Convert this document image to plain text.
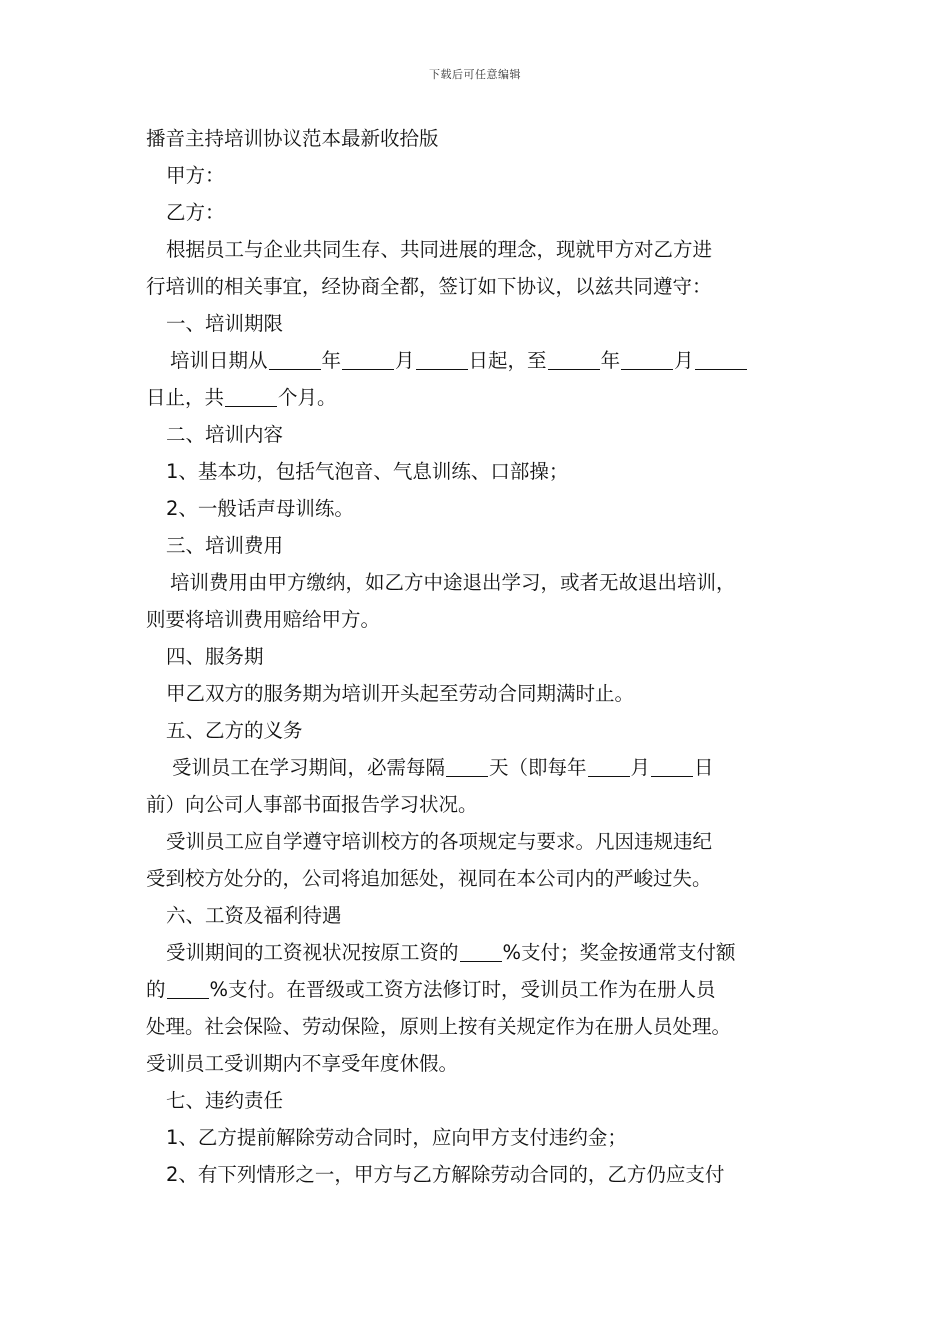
下载后可任意编辑
播音主持培训协议范本最新收拾版
甲方：
乙方：
根据员工与企业共同生存、共同进展的理念，现就甲方对乙方进
行培训的相关事宜，经协商全都，签订如下协议，以兹共同遵守：
一、培训期限
培训日期从	年	月	日起，至	年	月
日止，共	个月。
二、培训内容
1、基本功，包括气泡音、气息训练、口部操；
2、一般话声母训练。
三、培训费用
培训费用由甲方缴纳，如乙方中途退出学习，或者无故退出培训，
则要将培训费用赔给甲方。
四、服务期
甲乙双方的服务期为培训开头起至劳动合同期满时止。
五、乙方的义务
受训员工在学习期间，必需每隔 天（即每年 月 日
前）向公司人事部书面报告学习状况。
受训员工应自学遵守培训校方的各项规定与要求。凡因违规违纪
受到校方处分的，公司将追加惩处，视同在本公司内的严峻过失。
六、工资及福利待遇
受训期间的工资视状况按原工资的 %支付；奖金按通常支付额
的 %支付。在晋级或工资方法修订时，受训员工作为在册人员
处理。社会保险、劳动保险，原则上按有关规定作为在册人员处理。
受训员工受训期内不享受年度休假。
七、违约责任
1、乙方提前解除劳动合同时，应向甲方支付违约金；
2、有下列情形之一，甲方与乙方解除劳动合同的，乙方仍应支付
